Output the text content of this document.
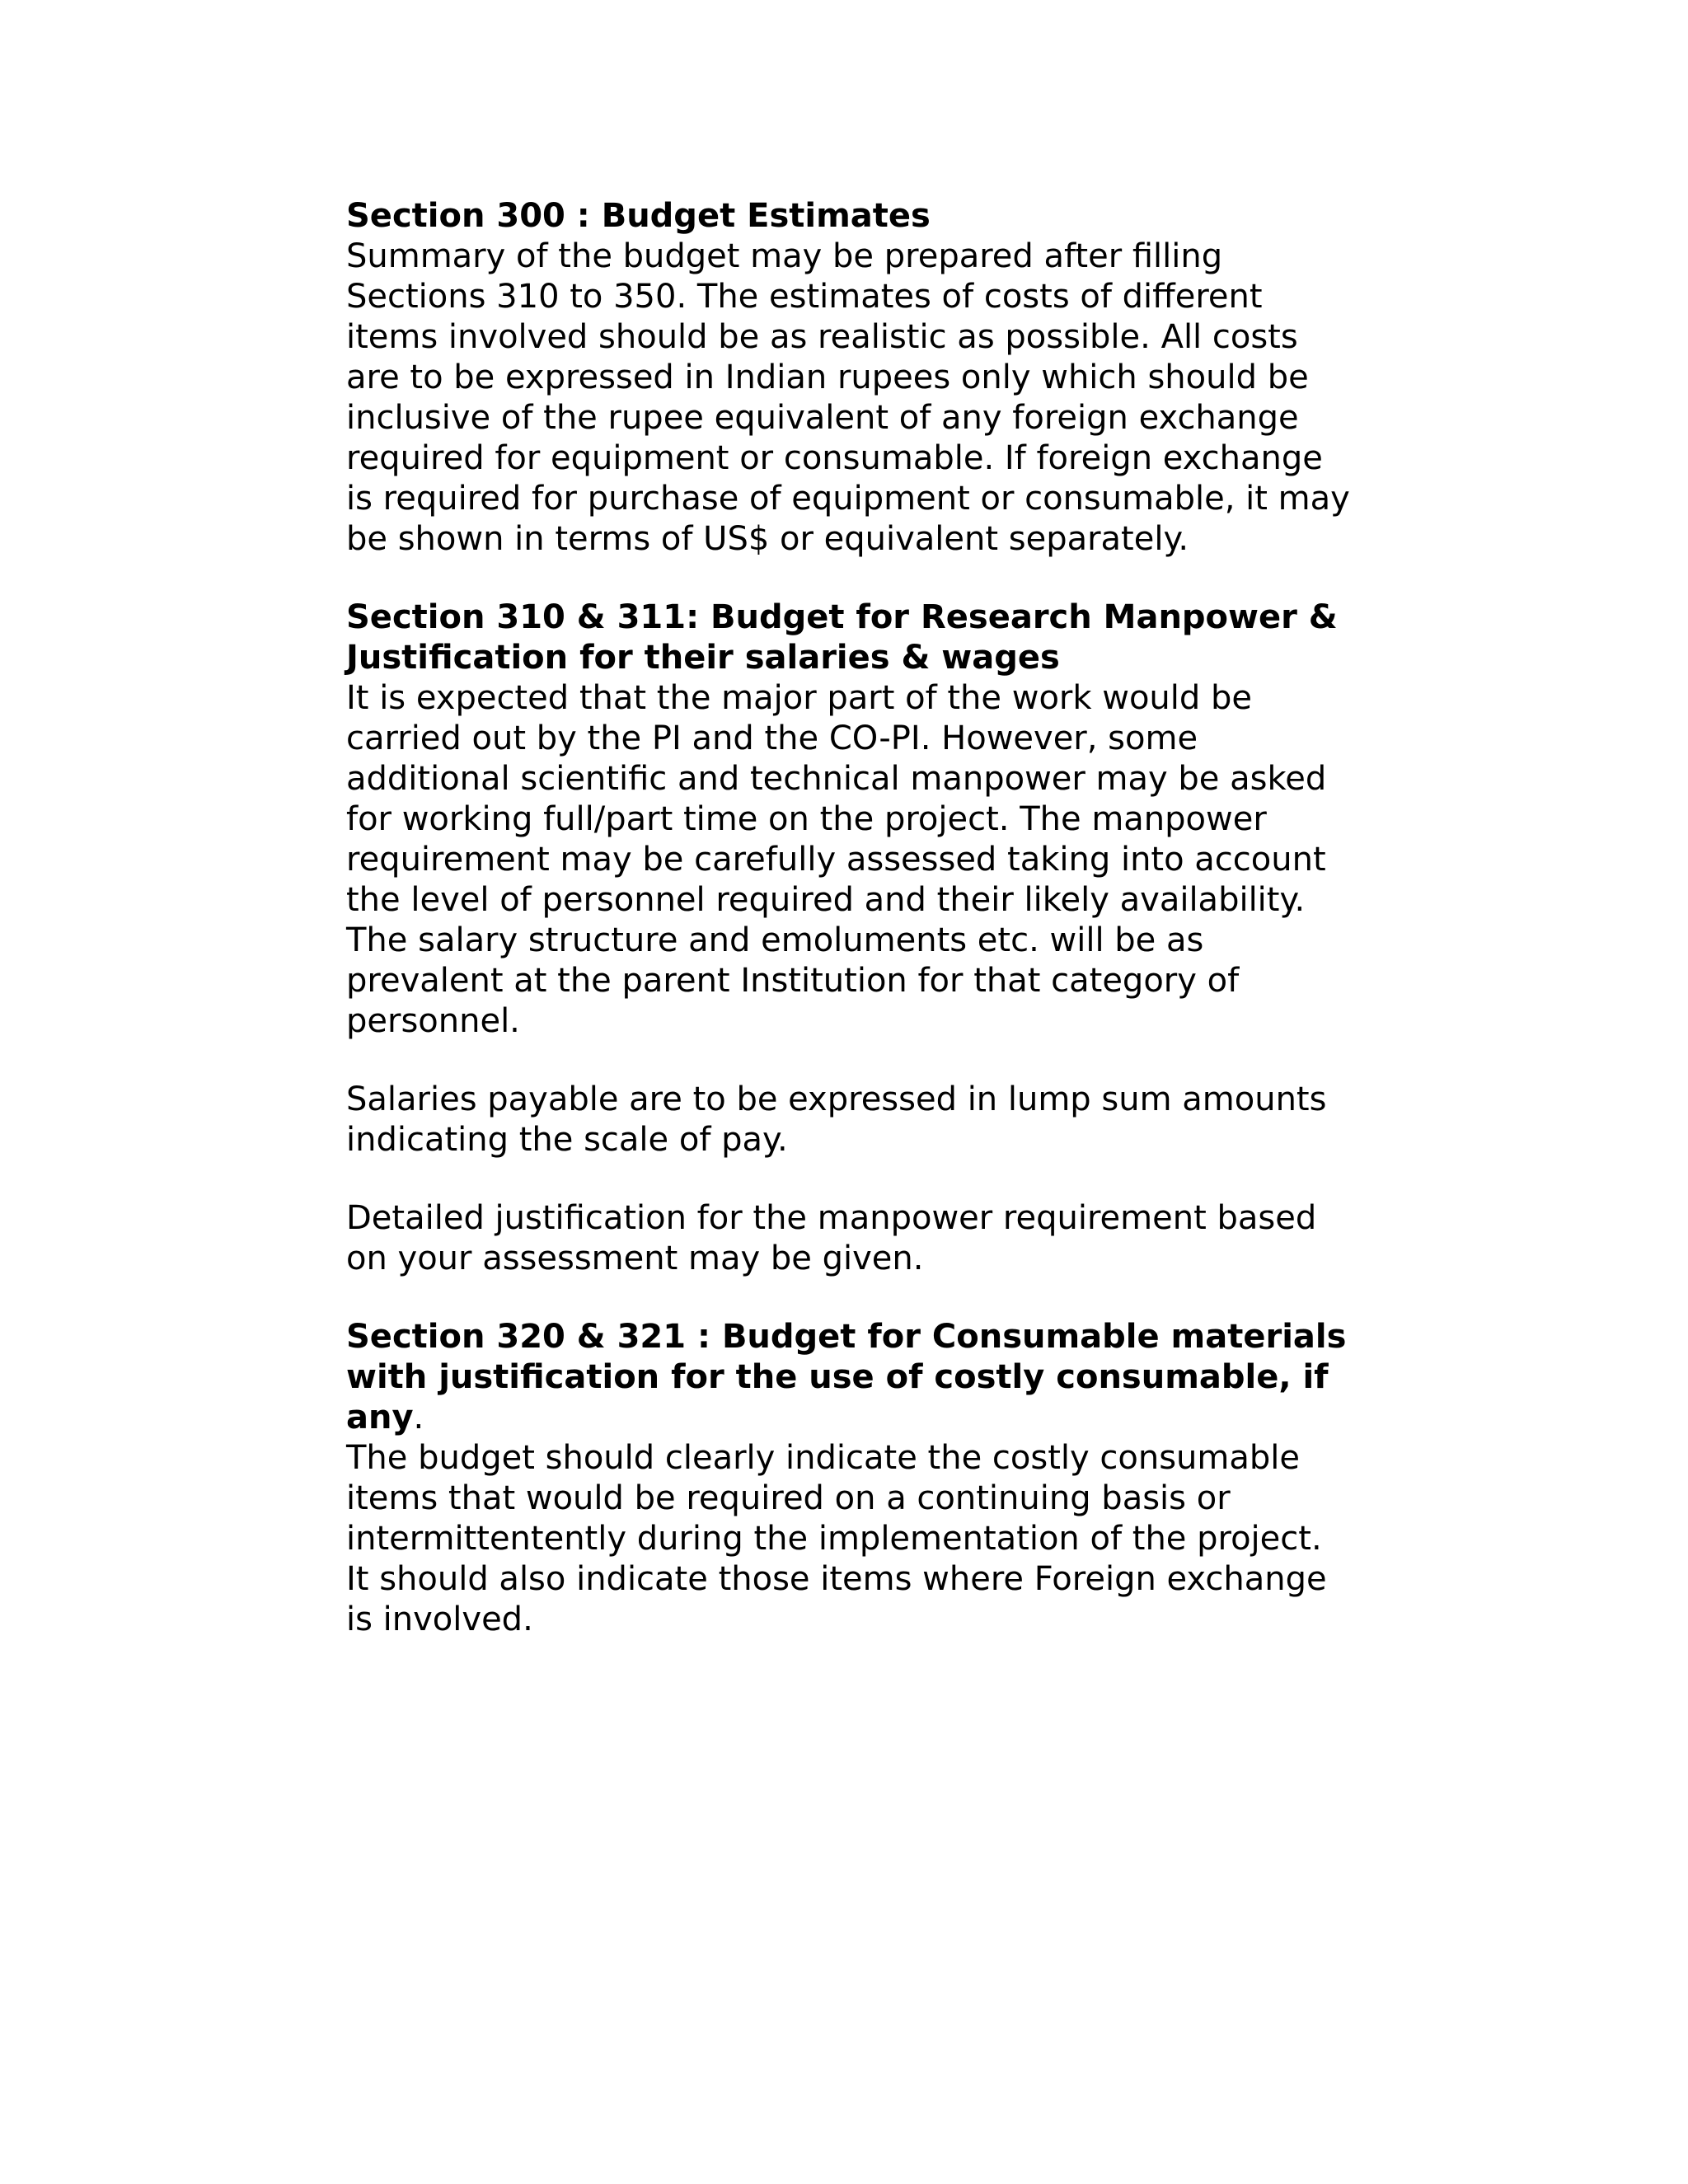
Section 300 : Budget Estimates

Summary of the budget may be prepared after filling Sections 310 to 350. The estimates of costs of different items involved should be as realistic as possible. All costs are to be expressed in Indian rupees only which should be inclusive of the rupee equivalent of any foreign exchange required for equipment or consumable. If foreign exchange is required for purchase of equipment or consumable, it may be shown in terms of US$ or equivalent separately.

Section 310 & 311: Budget for Research Manpower & Justification for their salaries & wages

It is expected that the major part of the work would be carried out by the PI and the CO-PI. However, some additional scientific and technical manpower may be asked for working full/part time on the project. The manpower requirement may be carefully assessed taking into account the level of personnel required and their likely availability. The salary structure and emoluments etc. will be as prevalent at the parent Institution for that category of personnel.

Salaries payable are to be expressed in lump sum amounts indicating the scale of pay.

Detailed justification for the manpower requirement based on your assessment may be given.

Section 320 & 321 : Budget for Consumable materials with justification for the use of costly consumable, if any.

The budget should clearly indicate the costly consumable items that would be required on a continuing basis or intermittentently during the implementation of the project. It should also indicate those items where Foreign exchange is involved.
